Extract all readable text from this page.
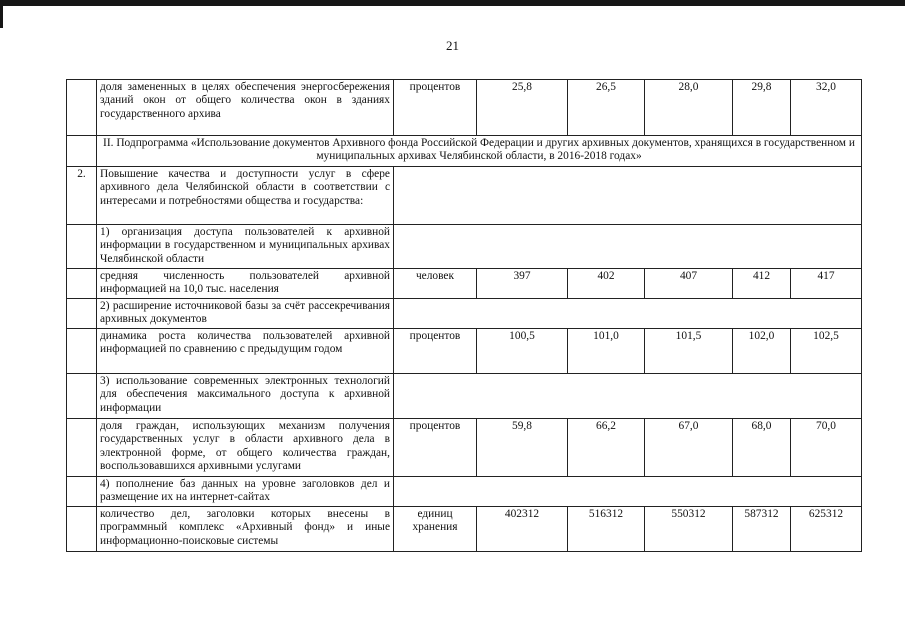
21
	доля замененных в целях обеспечения энергосбережения зданий окон от общего количества окон в зданиях государственного архива	процентов	25,8	26,5	28,0	29,8	32,0
	II. Подпрограмма «Использование документов Архивного фонда Российской Федерации и других архивных документов, хранящихся в государственном и муниципальных архивах Челябинской области, в 2016-2018 годах»						
2.	Повышение качества и доступности услуг в сфере архивного дела Челябинской области в соответствии с интересами и потребностями общества и государства:						
	1) организация доступа пользователей к архивной информации в государственном и муниципальных архивах Челябинской области						
	средняя численность пользователей архивной информацией на 10,0 тыс. населения	человек	397	402	407	412	417
	2) расширение источниковой базы за счёт рассекречивания архивных документов						
	динамика роста количества пользователей архивной информацией по сравнению с предыдущим годом	процентов	100,5	101,0	101,5	102,0	102,5
	3) использование современных электронных технологий для обеспечения максимального доступа к архивной информации						
	доля граждан, использующих механизм получения государственных услуг в области архивного дела в электронной форме, от общего количества граждан, воспользовавшихся архивными услугами	процентов	59,8	66,2	67,0	68,0	70,0
	4) пополнение баз данных на уровне заголовков дел и размещение их на интернет-сайтах						
	количество дел, заголовки которых внесены в программный комплекс «Архивный фонд» и иные информационно-поисковые системы	единиц хранения	402312	516312	550312	587312	625312
